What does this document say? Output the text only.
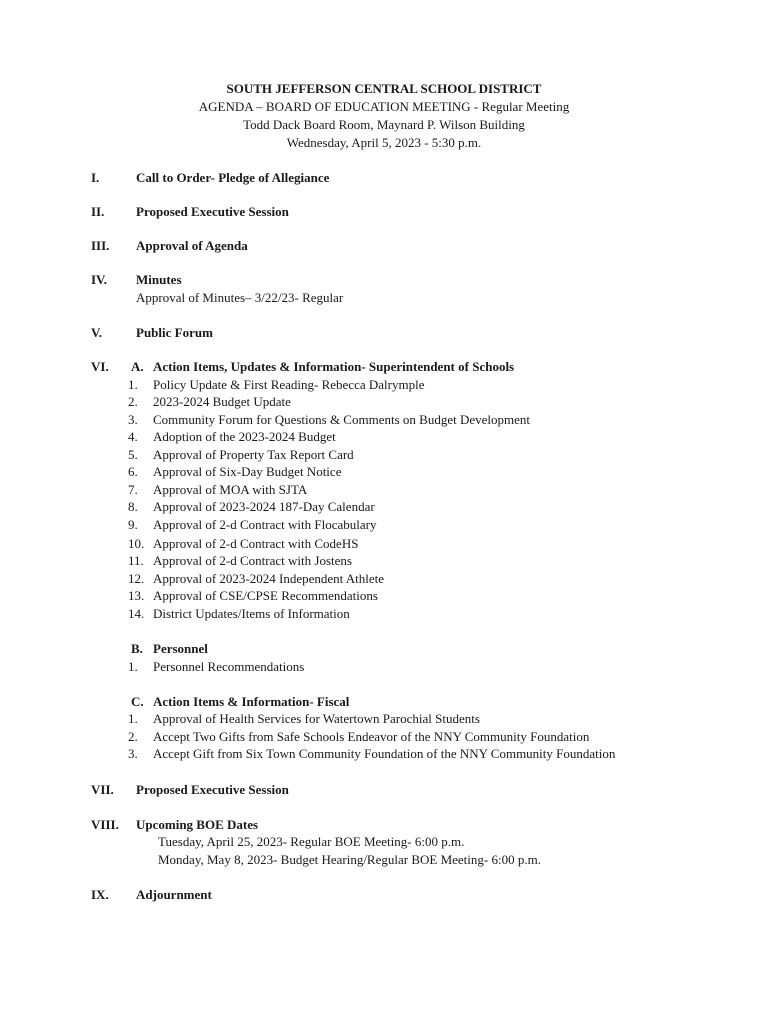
SOUTH JEFFERSON CENTRAL SCHOOL DISTRICT
AGENDA – BOARD OF EDUCATION MEETING - Regular Meeting
Todd Dack Board Room, Maynard P. Wilson Building
Wednesday, April 5, 2023 - 5:30 p.m.
I.	Call to Order- Pledge of Allegiance
II. Proposed Executive Session
III. Approval of Agenda
IV. Minutes
Approval of Minutes– 3/22/23- Regular
V.	Public Forum
VI. A. Action Items, Updates & Information- Superintendent of Schools
1. Policy Update & First Reading- Rebecca Dalrymple
2. 2023-2024 Budget Update
3. Community Forum for Questions & Comments on Budget Development
4. Adoption of the 2023-2024 Budget
5. Approval of Property Tax Report Card
6. Approval of Six-Day Budget Notice
7. Approval of MOA with SJTA
8. Approval of 2023-2024 187-Day Calendar
9. Approval of 2-d Contract with Flocabulary
10. Approval of 2-d Contract with CodeHS
11. Approval of 2-d Contract with Jostens
12. Approval of 2023-2024 Independent Athlete
13. Approval of CSE/CPSE Recommendations
14. District Updates/Items of Information
B. Personnel
1. Personnel Recommendations
C. Action Items & Information- Fiscal
1. Approval of Health Services for Watertown Parochial Students
2. Accept Two Gifts from Safe Schools Endeavor of the NNY Community Foundation
3. Accept Gift from Six Town Community Foundation of the NNY Community Foundation
VII. Proposed Executive Session
VIII. Upcoming BOE Dates
Tuesday, April 25, 2023- Regular BOE Meeting- 6:00 p.m.
Monday, May 8, 2023- Budget Hearing/Regular BOE Meeting- 6:00 p.m.
IX. Adjournment
